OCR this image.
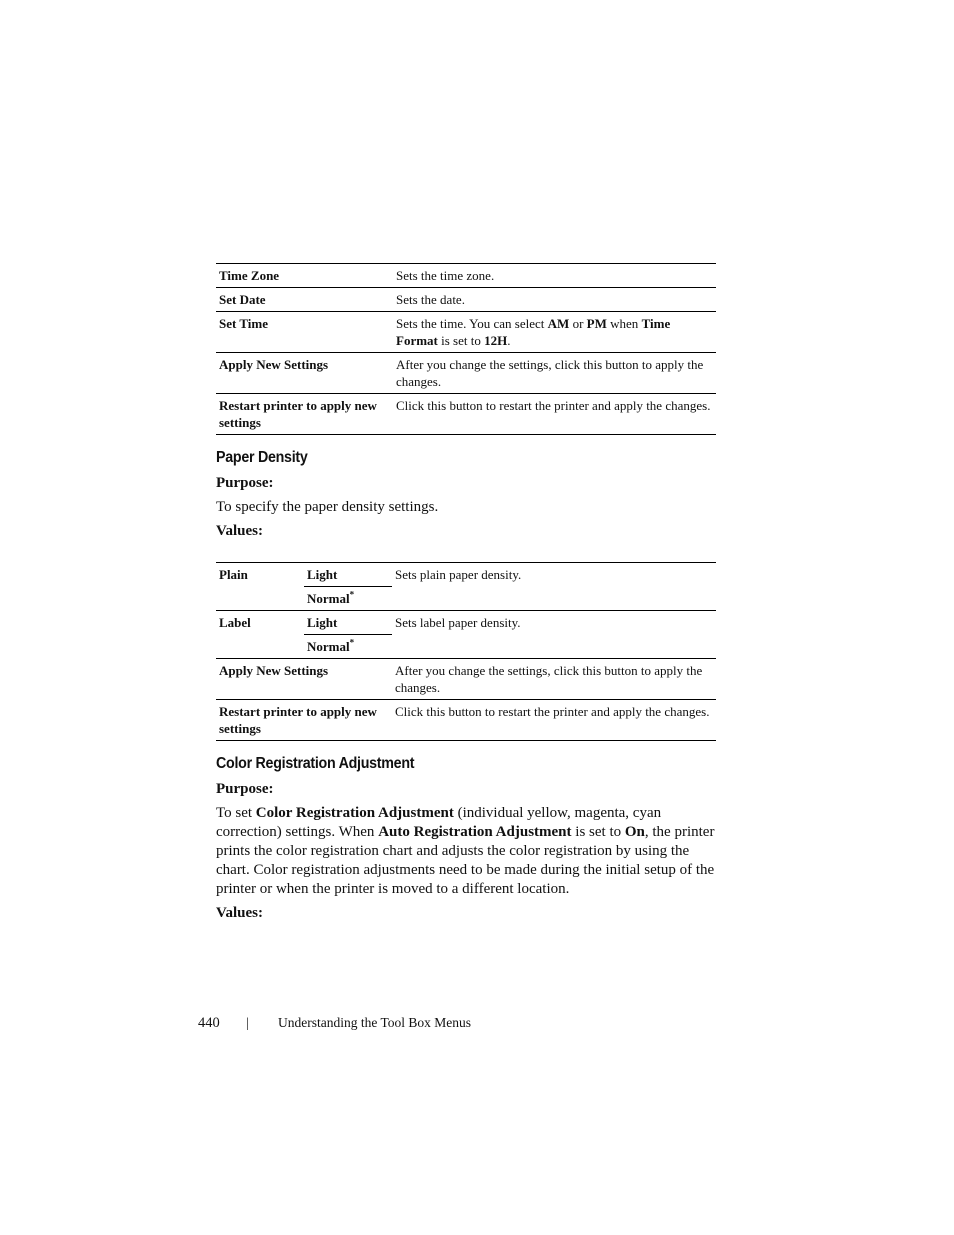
Time Zone	Sets the time zone.
Set Date	Sets the date.
Set Time	Sets the time. You can select AM or PM when Time Format is set to 12H.
Apply New Settings	After you change the settings, click this button to apply the changes.
Restart printer to apply new settings	Click this button to restart the printer and apply the changes.
Paper Density
Purpose:

To specify the paper density settings.

Values:
Plain	Light	Sets plain paper density.
	Normal*
Label	Light	Sets label paper density.
	Normal*
Apply New Settings		After you change the settings, click this button to apply the changes.
Restart printer to apply new settings		Click this button to restart the printer and apply the changes.
Color Registration Adjustment
Purpose:

To set Color Registration Adjustment (individual yellow, magenta, cyan correction) settings. When Auto Registration Adjustment is set to On, the printer prints the color registration chart and adjusts the color registration by using the chart. Color registration adjustments need to be made during the initial setup of the printer or when the printer is moved to a different location.

Values:
440 | Understanding the Tool Box Menus
